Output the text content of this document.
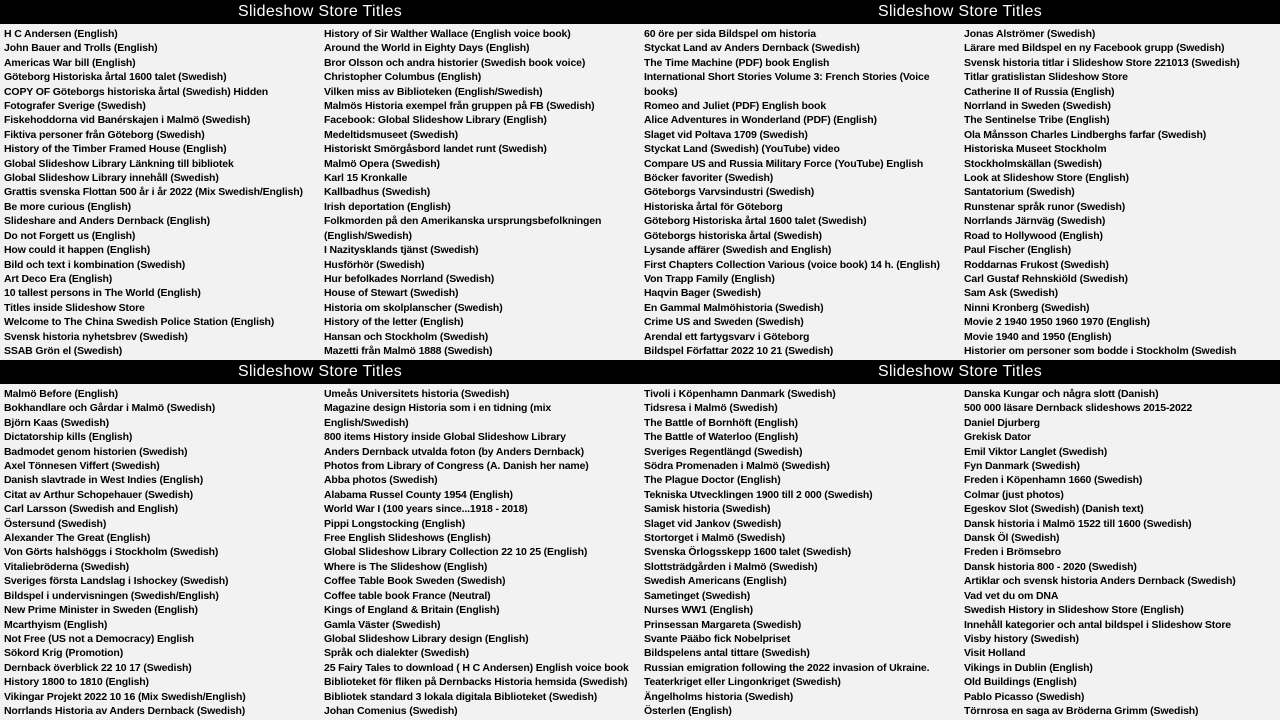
Slideshow Store Titles	Slideshow Store Titles
H C Andersen (English)
John Bauer and Trolls (English)
Americas War bill (English)
Göteborg Historiska årtal 1600 talet (Swedish)
COPY OF Göteborgs historiska årtal (Swedish) Hidden
Fotografer Sverige (Swedish)
Fiskehoddorna vid Banérskajen i Malmö (Swedish)
Fiktiva personer från Göteborg (Swedish)
History of the Timber Framed House (English)
Global Slideshow Library Länkning till bibliotek
Global Slideshow Library innehåll (Swedish)
Grattis svenska Flottan 500 år i år 2022 (Mix Swedish/English)
Be more curious (English)
Slideshare and Anders Dernback (English)
Do not Forgett us (English)
How could it happen (English)
Bild och text i kombination (Swedish)
Art Deco Era (English)
10 tallest persons in The World (English)
Titles inside Slideshow Store
Welcome to The China Swedish Police Station (English)
Svensk historia nyhetsbrev (Swedish)
SSAB Grön el (Swedish)
History of Sir Walther Wallace (English voice book)
Around the World in Eighty Days (English)
Bror Olsson och andra historier (Swedish book voice)
Christopher Columbus (English)
Vilken miss av Biblioteken (English/Swedish)
Malmös Historia exempel från gruppen på FB (Swedish)
Facebook: Global Slideshow Library (English)
Medeltidsmuseet (Swedish)
Historiskt Smörgåsbord landet runt (Swedish)
Malmö Opera (Swedish)
Karl 15 Kronkalle
Kallbadhus (Swedish)
Irish deportation (English)
Folkmorden på den Amerikanska ursprungsbefolkningen (English/Swedish)
I Nazitysklands tjänst (Swedish)
Husförhör (Swedish)
Hur befolkades Norrland (Swedish)
House of Stewart (Swedish)
Historia om skolplanscher (Swedish)
History of the letter (English)
Hansan och Stockholm (Swedish)
Mazetti från Malmö 1888 (Swedish)
60 öre per sida Bildspel om historia
Styckat Land av Anders Dernback (Swedish)
The Time Machine (PDF) book English
International Short Stories Volume 3: French Stories (Voice books)
Romeo and Juliet (PDF) English book
Alice Adventures in Wonderland (PDF) (English)
Slaget vid Poltava 1709 (Swedish)
Styckat Land (Swedish) (YouTube) video
Compare US and Russia Military Force (YouTube) English
Böcker favoriter (Swedish)
Göteborgs Varvsindustri (Swedish)
Historiska årtal för Göteborg
Göteborg Historiska årtal 1600 talet (Swedish)
Göteborgs historiska årtal (Swedish)
Lysande affärer (Swedish and English)
First Chapters Collection Various (voice book) 14 h. (English)
Von Trapp Family (English)
Haqvin Bager (Swedish)
En Gammal Malmöhistoria (Swedish)
Crime US and Sweden (Swedish)
Arendal ett fartygsvarv i Göteborg
Bildspel Författar 2022 10 21 (Swedish)
Jonas Alströmer (Swedish)
Lärare med Bildspel en ny Facebook grupp (Swedish)
Svensk historia titlar i Slideshow Store 221013 (Swedish)
Titlar gratislistan Slideshow Store
Catherine II of Russia (English)
Norrland in Sweden (Swedish)
The Sentinelse Tribe (English)
Ola Månsson Charles Lindberghs farfar (Swedish)
Historiska Museet Stockholm
Stockholmskällan (Swedish)
Look at Slideshow Store (English)
Santatorium (Swedish)
Runstenar språk runor (Swedish)
Norrlands Järnväg (Swedish)
Road to Hollywood (English)
Paul Fischer (English)
Roddarnas Frukost (Swedish)
Carl Gustaf Rehnskiöld (Swedish)
Sam Ask (Swedish)
Ninni Kronberg (Swedish)
Movie 2 1940 1950 1960 1970 (English)
Movie 1940 and 1950 (English)
Historier om personer som bodde i Stockholm (Swedish
Slideshow Store Titles	Slideshow Store Titles
Malmö Before (English)
Bokhandlare och Gårdar i Malmö (Swedish)
Björn Kaas (Swedish)
Dictatorship kills (English)
Badmodet genom historien (Swedish)
Axel Tönnesen Viffert (Swedish)
Danish slavtrade in West Indies (English)
Citat av Arthur Schopehauer (Swedish)
Carl Larsson (Swedish and English)
Östersund (Swedish)
Alexander The Great (English)
Von Görts halshöggs i Stockholm (Swedish)
Vitaliebröderna (Swedish)
Sveriges första Landslag i Ishockey (Swedish)
Bildspel i undervisningen (Swedish/English)
New Prime Minister in Sweden (English)
Mcarthyism (English)
Not Free (US not a Democracy) English
Sökord Krig (Promotion)
Dernback överblick 22 10 17 (Swedish)
History 1800 to 1810 (English)
Vikingar Projekt 2022 10 16 (Mix Swedish/English)
Norrlands Historia av Anders Dernback (Swedish)
Umeås Universitets historia (Swedish)
Magazine design Historia som i en tidning (mix English/Swedish)
800 items History inside Global Slideshow Library
Anders Dernback utvalda foton (by Anders Dernback)
Photos from Library of Congress (A. Danish her name)
Abba photos (Swedish)
Alabama Russel County 1954 (English)
World War I (100 years since...1918 - 2018)
Pippi Longstocking (English)
Free English Slideshows (English)
Global Slideshow Library Collection 22 10 25 (English)
Where is The Slideshow (English)
Coffee Table Book Sweden (Swedish)
Coffee table book France (Neutral)
Kings of England & Britain (English)
Gamla Väster (Swedish)
Global Slideshow Library design (English)
Språk och dialekter (Swedish)
25 Fairy Tales to download ( H C Andersen) English voice book
Biblioteket för fliken på Dernbacks Historia hemsida (Swedish)
Bibliotek standard 3 lokala digitala Biblioteket (Swedish)
Johan Comenius (Swedish)
Tivoli i Köpenhamn Danmark (Swedish)
Tidsresa i Malmö (Swedish)
The Battle of Bornhöft (English)
The Battle of Waterloo (English)
Sveriges Regentlängd (Swedish)
Södra Promenaden i Malmö (Swedish)
The Plague Doctor (English)
Tekniska Utvecklingen 1900 till 2 000 (Swedish)
Samisk historia (Swedish)
Slaget vid Jankov (Swedish)
Stortorget i Malmö (Swedish)
Svenska Örlogsskepp 1600 talet (Swedish)
Slottsträdgården i Malmö (Swedish)
Swedish Americans (English)
Sametinget (Swedish)
Nurses WW1 (English)
Prinsessan Margareta (Swedish)
Svante Pääbo fick Nobelpriset
Bildspelens antal tittare (Swedish)
Russian emigration following the 2022 invasion of Ukraine.
Teaterkriget eller Lingonkriget (Swedish)
Ängelholms historia (Swedish)
Österlen (English)
Danska Kungar och några slott (Danish)
500 000 läsare Dernback slideshows 2015-2022
Daniel Djurberg
Grekisk Dator
Emil Viktor Langlet (Swedish)
Fyn Danmark (Swedish)
Freden i Köpenhamn 1660 (Swedish)
Colmar (just photos)
Egeskov Slot (Swedish) (Danish text)
Dansk historia i Malmö 1522 till 1600 (Swedish)
Dansk Öl (Swedish)
Freden i Brömsebro
Dansk historia 800 - 2020 (Swedish)
Artiklar och svensk historia Anders Dernback (Swedish)
Vad vet du om DNA
Swedish History in Slideshow Store (English)
Innehåll kategorier och antal bildspel i Slideshow Store
Visby history (Swedish)
Visit Holland
Vikings in Dublin (English)
Old Buildings (English)
Pablo Picasso (Swedish)
Törnrosa en saga av Bröderna Grimm (Swedish)
